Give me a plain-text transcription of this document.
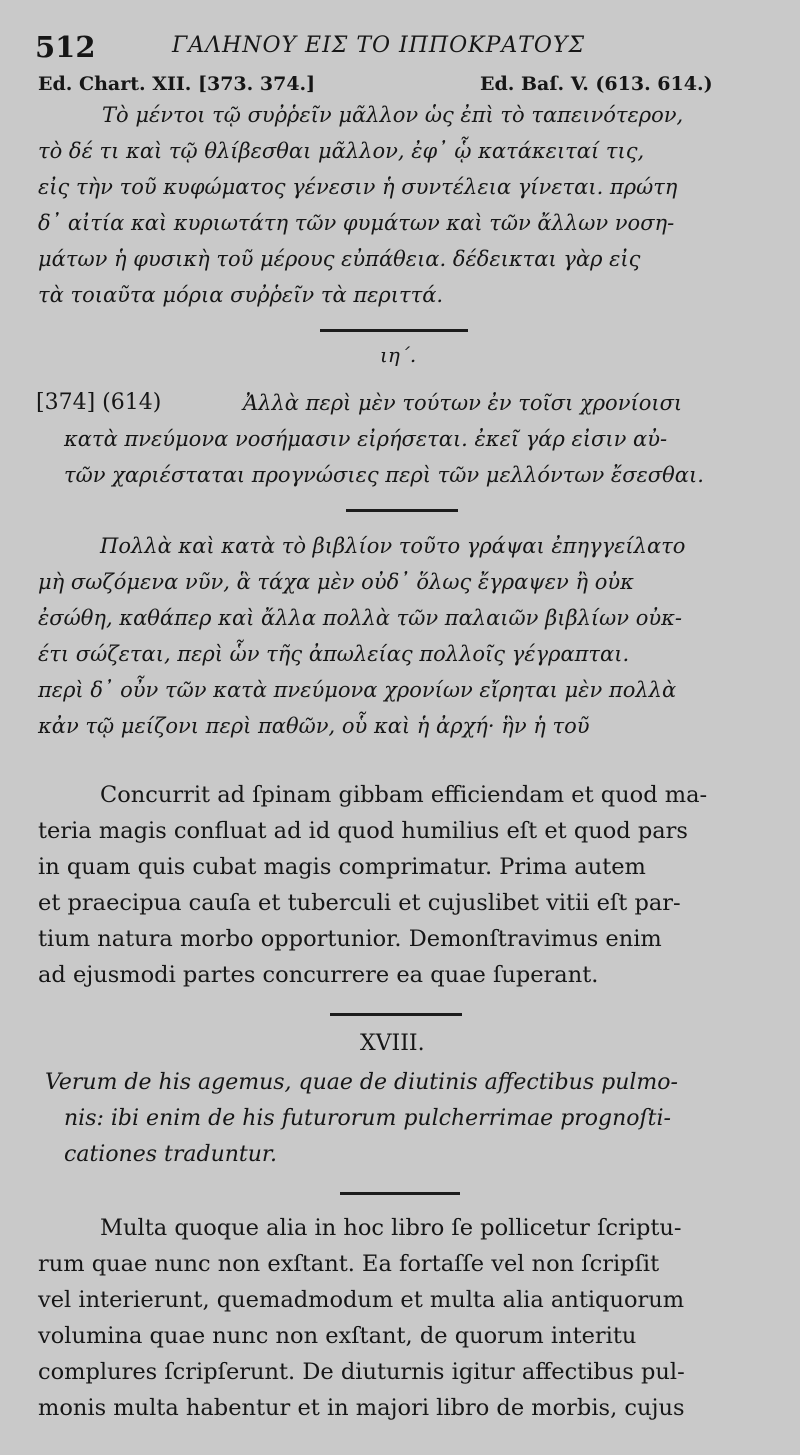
512	ΓΑΛΗΝΟΥ ΕΙΣ ΤΟ ΙΠΠΟΚΡΑΤΟΥΣ
Ed. Chart. XII. [373. 374.]	Ed. Baſ. V. (613. 614.)
Τὸ μέντοι τῷ συῤῥεῖν μᾶλλον ὡς ἐπὶ τὸ ταπεινότερον,
τὸ δέ τι καὶ τῷ θλίβεσθαι μᾶλλον, ἐφ᾽ ᾧ κατάκειταί τις,
εἰς τὴν τοῦ κυφώματος γένεσιν ἡ συντέλεια γίνεται. πρώτη
δ᾽ αἰτία καὶ κυριωτάτη τῶν φυμάτων καὶ τῶν ἄλλων νοση-
μάτων ἡ φυσικὴ τοῦ μέρους εὐπάθεια. δέδεικται γὰρ εἰς
τὰ τοιαῦτα μόρια συῤῥεῖν τὰ περιττά.
ιη΄.
[374] (614)	Ἀλλὰ περὶ μὲν τούτων ἐν τοῖσι χρονίοισι
κατὰ πνεύμονα νοσήμασιν εἰρήσεται. ἐκεῖ γάρ εἰσιν αὐ-
τῶν χαριέσταται προγνώσιες περὶ τῶν μελλόντων ἔσεσθαι.
Πολλὰ καὶ κατὰ τὸ βιβλίον τοῦτο γράψαι ἐπηγγείλατο
μὴ σωζόμενα νῦν, ἃ τάχα μὲν οὐδ᾽ ὅλως ἔγραψεν ἢ οὐκ
ἐσώθη, καθάπερ καὶ ἄλλα πολλὰ τῶν παλαιῶν βιβλίων οὐκ-
έτι σώζεται, περὶ ὧν τῆς ἀπωλείας πολλοῖς γέγραπται.
περὶ δ᾽ οὖν τῶν κατὰ πνεύμονα χρονίων εἴρηται μὲν πολλὰ
κἀν τῷ μείζονι περὶ παθῶν, οὗ καὶ ἡ ἀρχή· ἣν ἡ τοῦ
Concurrit ad ſpinam gibbam efficiendam et quod ma-
teria magis confluat ad id quod humilius eſt et quod pars
in quam quis cubat magis comprimatur. Prima autem
et praecipua cauſa et tuberculi et cujuslibet vitii eſt par-
tium natura morbo opportunior. Demonſtravimus enim
ad ejusmodi partes concurrere ea quae ſuperant.
XVIII.
Verum de his agemus, quae de diutinis affectibus pulmo-
nis: ibi enim de his futurorum pulcherrimae prognoſti-
cationes traduntur.
Multa quoque alia in hoc libro ſe pollicetur ſcriptu-
rum quae nunc non exſtant. Ea fortaſſe vel non ſcripſit
vel interierunt, quemadmodum et multa alia antiquorum
volumina quae nunc non exſtant, de quorum interitu
complures ſcripſerunt. De diuturnis igitur affectibus pul-
monis multa habentur et in majori libro de morbis, cujus
